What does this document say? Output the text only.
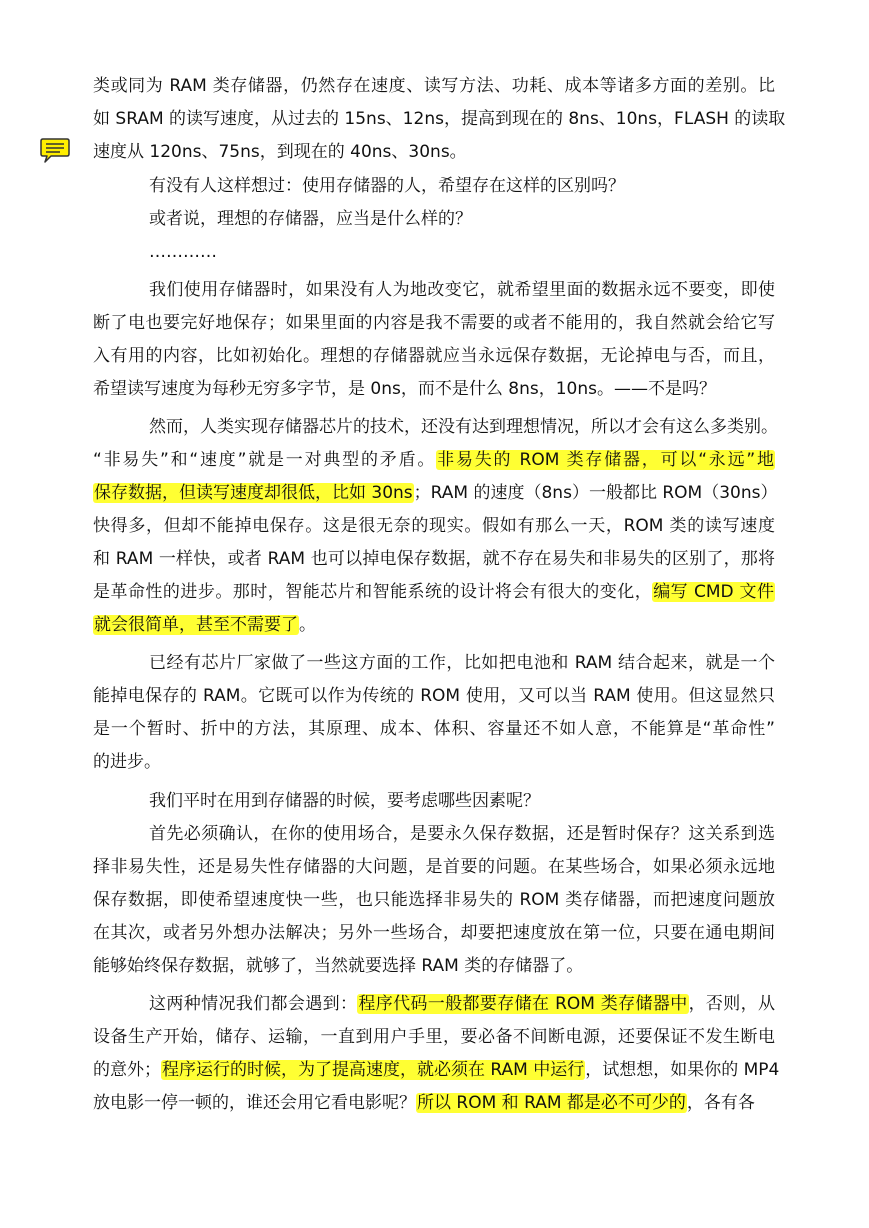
类或同为 RAM 类存储器，仍然存在速度、读写方法、功耗、成本等诸多方面的差别。比
如 SRAM 的读写速度，从过去的 15ns、12ns，提高到现在的 8ns、10ns，FLASH 的读取
速度从 120ns、75ns，到现在的 40ns、30ns。
有没有人这样想过：使用存储器的人，希望存在这样的区别吗？
或者说，理想的存储器，应当是什么样的？
…………
我们使用存储器时，如果没有人为地改变它，就希望里面的数据永远不要变，即使
断了电也要完好地保存；如果里面的内容是我不需要的或者不能用的，我自然就会给它写
入有用的内容，比如初始化。理想的存储器就应当永远保存数据，无论掉电与否，而且，
希望读写速度为每秒无穷多字节，是 0ns，而不是什么 8ns，10ns。——不是吗？
然而，人类实现存储器芯片的技术，还没有达到理想情况，所以才会有这么多类别。
“非易失”和“速度”就是一对典型的矛盾。非易失的 ROM 类存储器，可以“永远”地
保存数据，但读写速度却很低，比如 30ns；RAM 的速度（8ns）一般都比 ROM（30ns）
快得多，但却不能掉电保存。这是很无奈的现实。假如有那么一天，ROM 类的读写速度
和 RAM 一样快，或者 RAM 也可以掉电保存数据，就不存在易失和非易失的区别了，那将
是革命性的进步。那时，智能芯片和智能系统的设计将会有很大的变化，编写 CMD 文件
就会很简单，甚至不需要了。
已经有芯片厂家做了一些这方面的工作，比如把电池和 RAM 结合起来，就是一个
能掉电保存的 RAM。它既可以作为传统的 ROM 使用，又可以当 RAM 使用。但这显然只
是一个暂时、折中的方法，其原理、成本、体积、容量还不如人意，不能算是“革命性”
的进步。
我们平时在用到存储器的时候，要考虑哪些因素呢？
首先必须确认，在你的使用场合，是要永久保存数据，还是暂时保存？这关系到选
择非易失性，还是易失性存储器的大问题，是首要的问题。在某些场合，如果必须永远地
保存数据，即使希望速度快一些，也只能选择非易失的 ROM 类存储器，而把速度问题放
在其次，或者另外想办法解决；另外一些场合，却要把速度放在第一位，只要在通电期间
能够始终保存数据，就够了，当然就要选择 RAM 类的存储器了。
这两种情况我们都会遇到：程序代码一般都要存储在 ROM 类存储器中，否则，从
设备生产开始，储存、运输，一直到用户手里，要必备不间断电源，还要保证不发生断电
的意外；程序运行的时候，为了提高速度，就必须在 RAM 中运行，试想想，如果你的 MP4
放电影一停一顿的，谁还会用它看电影呢？所以 ROM 和 RAM 都是必不可少的，各有各
